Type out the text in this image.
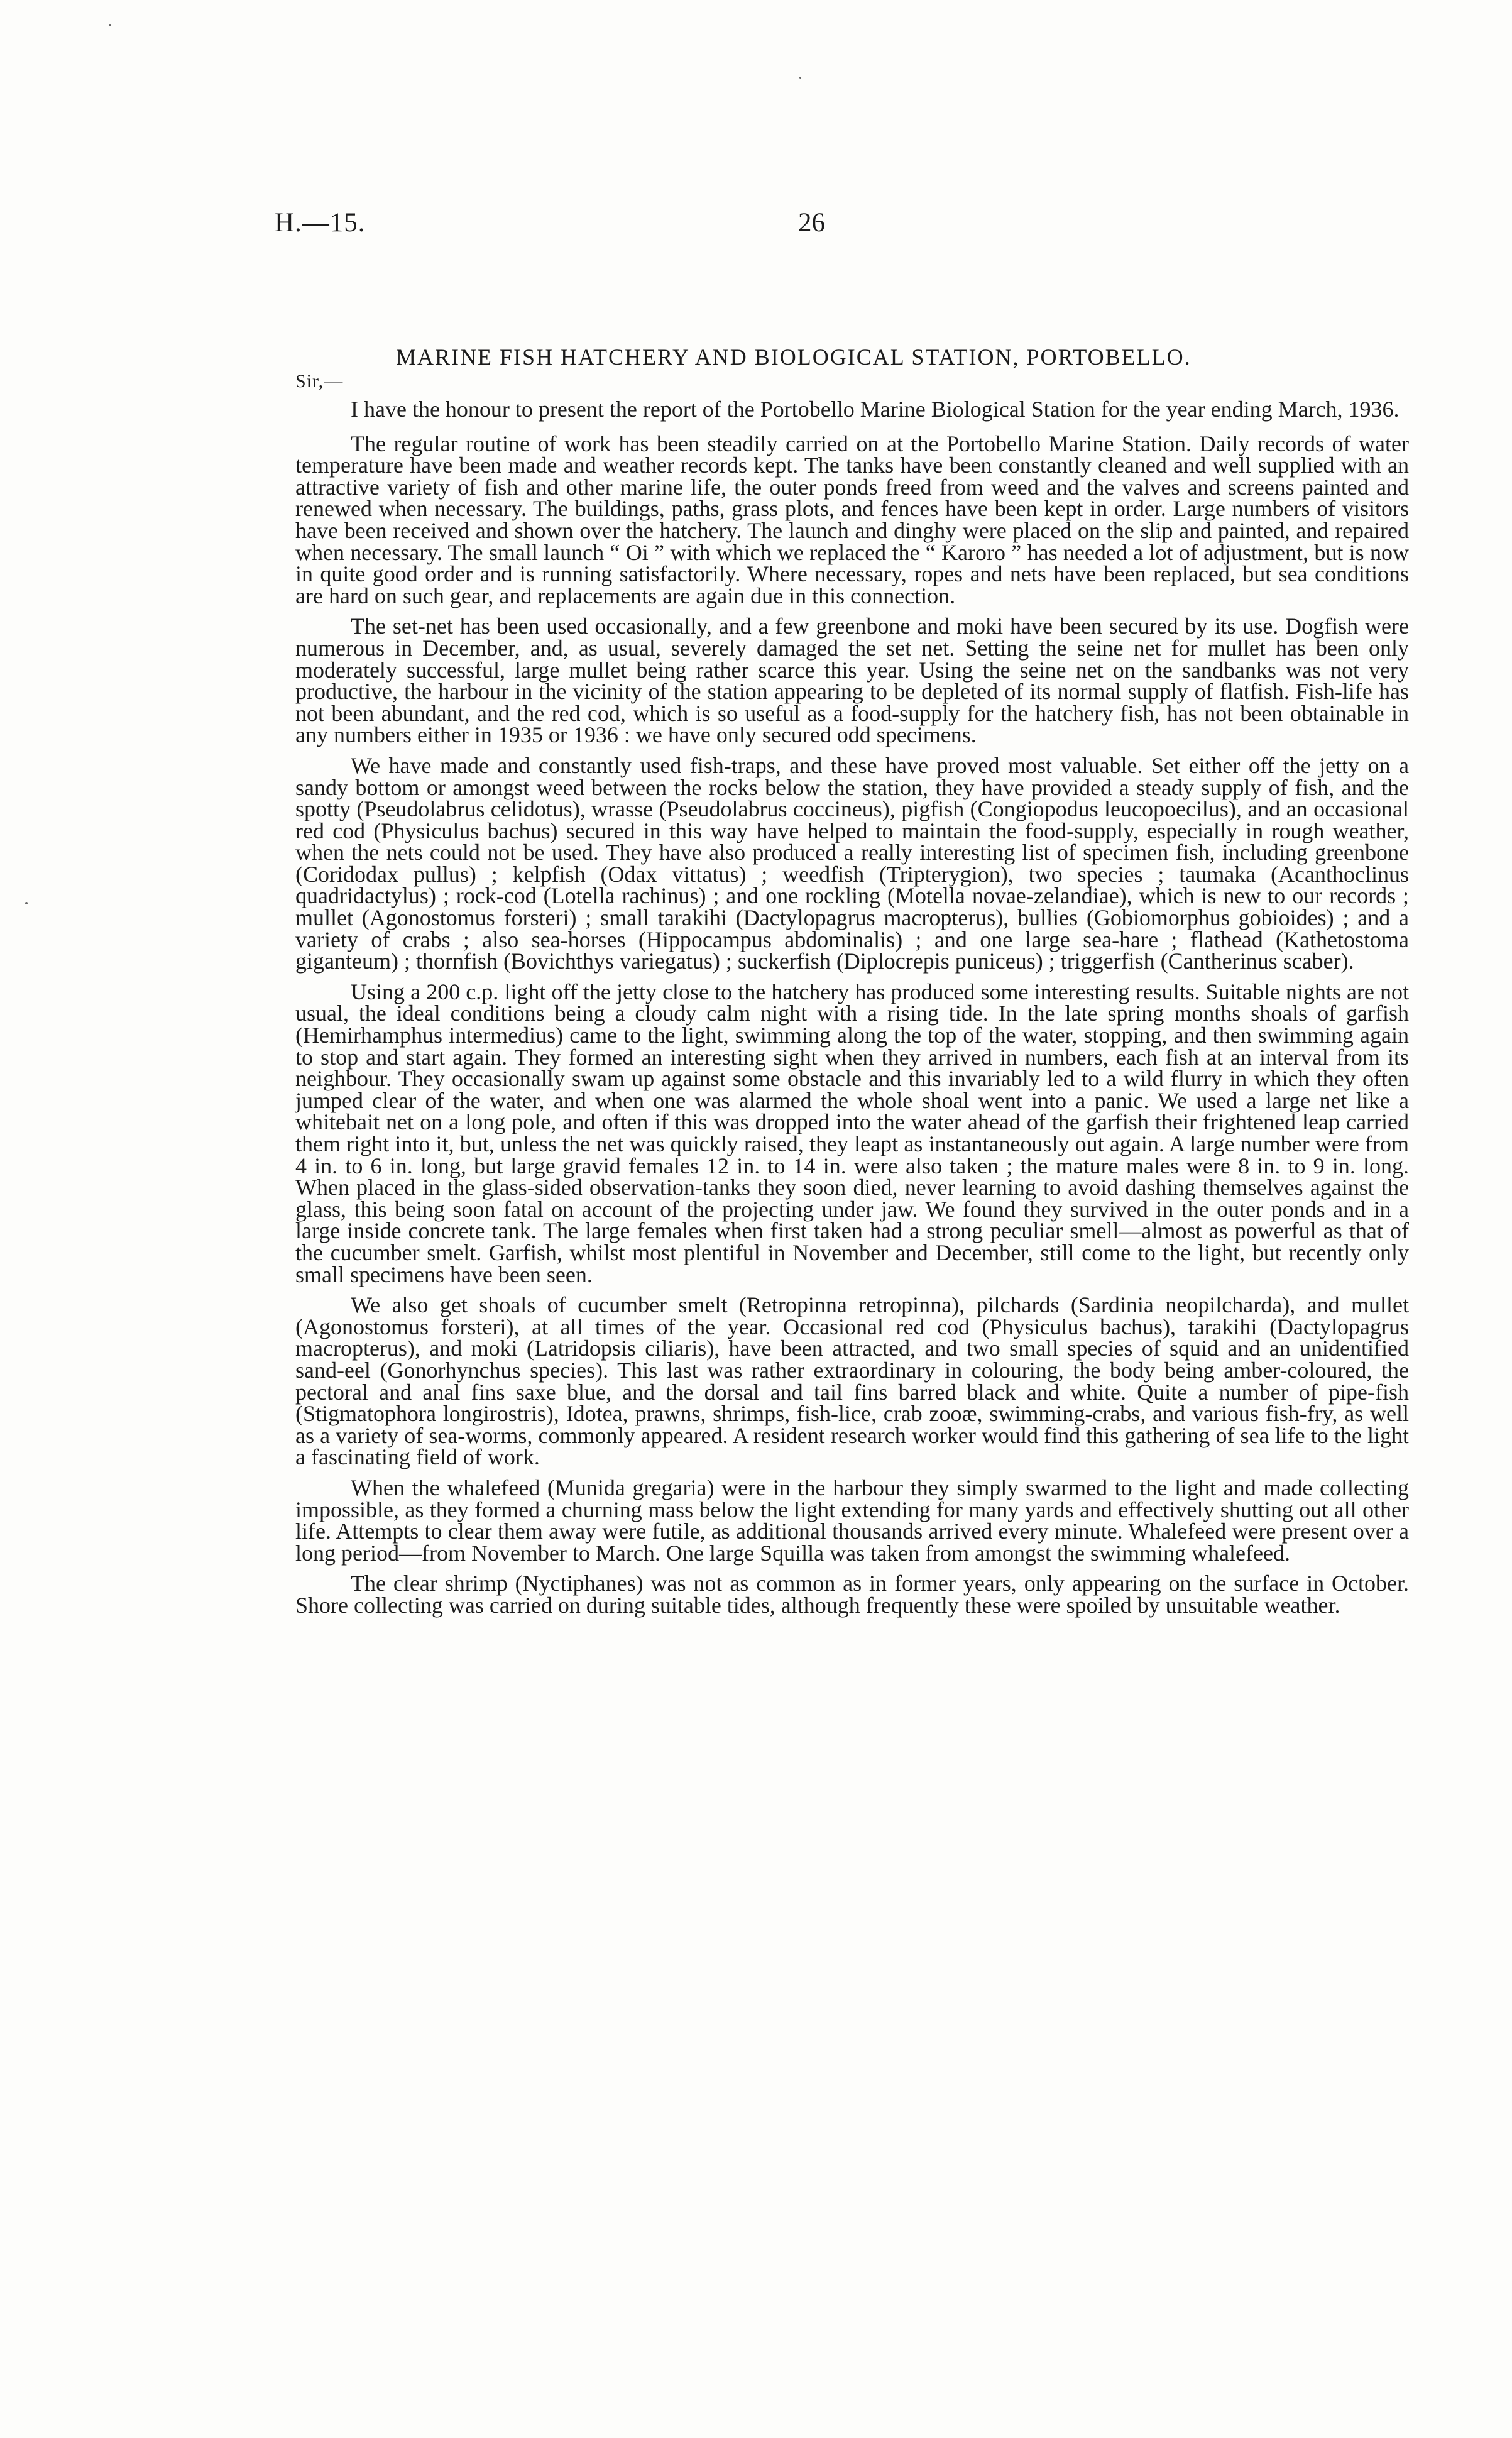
H.—15.	26
MARINE FISH HATCHERY AND BIOLOGICAL STATION, PORTOBELLO.
Sir,—

I have the honour to present the report of the Portobello Marine Biological Station for the year ending March, 1936.

The regular routine of work has been steadily carried on at the Portobello Marine Station. Daily records of water temperature have been made and weather records kept. The tanks have been constantly cleaned and well supplied with an attractive variety of fish and other marine life, the outer ponds freed from weed and the valves and screens painted and renewed when necessary. The buildings, paths, grass plots, and fences have been kept in order. Large numbers of visitors have been received and shown over the hatchery. The launch and dinghy were placed on the slip and painted, and repaired when necessary. The small launch “ Oi ” with which we replaced the “ Karoro ” has needed a lot of adjustment, but is now in quite good order and is running satisfactorily. Where necessary, ropes and nets have been replaced, but sea conditions are hard on such gear, and replacements are again due in this connection.

The set-net has been used occasionally, and a few greenbone and moki have been secured by its use. Dogfish were numerous in December, and, as usual, severely damaged the set net. Setting the seine net for mullet has been only moderately successful, large mullet being rather scarce this year. Using the seine net on the sandbanks was not very productive, the harbour in the vicinity of the station appearing to be depleted of its normal supply of flatfish. Fish-life has not been abundant, and the red cod, which is so useful as a food-supply for the hatchery fish, has not been obtainable in any numbers either in 1935 or 1936 : we have only secured odd specimens.

We have made and constantly used fish-traps, and these have proved most valuable. Set either off the jetty on a sandy bottom or amongst weed between the rocks below the station, they have provided a steady supply of fish, and the spotty (Pseudolabrus celidotus), wrasse (Pseudolabrus coccineus), pigfish (Congiopodus leucopoecilus), and an occasional red cod (Physiculus bachus) secured in this way have helped to maintain the food-supply, especially in rough weather, when the nets could not be used. They have also produced a really interesting list of specimen fish, including greenbone (Coridodax pullus) ; kelpfish (Odax vittatus) ; weedfish (Tripterygion), two species ; taumaka (Acanthoclinus quadridactylus) ; rock-cod (Lotella rachinus) ; and one rockling (Motella novae-zelandiae), which is new to our records ; mullet (Agonostomus forsteri) ; small tarakihi (Dactylopagrus macropterus), bullies (Gobiomorphus gobioides) ; and a variety of crabs ; also sea-horses (Hippocampus abdominalis) ; and one large sea-hare ; flathead (Kathetostoma giganteum) ; thornfish (Bovichthys variegatus) ; suckerfish (Diplocrepis puniceus) ; triggerfish (Cantherinus scaber).

Using a 200 c.p. light off the jetty close to the hatchery has produced some interesting results. Suitable nights are not usual, the ideal conditions being a cloudy calm night with a rising tide. In the late spring months shoals of garfish (Hemirhamphus intermedius) came to the light, swimming along the top of the water, stopping, and then swimming again to stop and start again. They formed an interesting sight when they arrived in numbers, each fish at an interval from its neighbour. They occasionally swam up against some obstacle and this invariably led to a wild flurry in which they often jumped clear of the water, and when one was alarmed the whole shoal went into a panic. We used a large net like a whitebait net on a long pole, and often if this was dropped into the water ahead of the garfish their frightened leap carried them right into it, but, unless the net was quickly raised, they leapt as instantaneously out again. A large number were from 4 in. to 6 in. long, but large gravid females 12 in. to 14 in. were also taken ; the mature males were 8 in. to 9 in. long. When placed in the glass-sided observation-tanks they soon died, never learning to avoid dashing themselves against the glass, this being soon fatal on account of the projecting under jaw. We found they survived in the outer ponds and in a large inside concrete tank. The large females when first taken had a strong peculiar smell—almost as powerful as that of the cucumber smelt. Garfish, whilst most plentiful in November and December, still come to the light, but recently only small specimens have been seen.

We also get shoals of cucumber smelt (Retropinna retropinna), pilchards (Sardinia neopilcharda), and mullet (Agonostomus forsteri), at all times of the year. Occasional red cod (Physiculus bachus), tarakihi (Dactylopagrus macropterus), and moki (Latridopsis ciliaris), have been attracted, and two small species of squid and an unidentified sand-eel (Gonorhynchus species). This last was rather extraordinary in colouring, the body being amber-coloured, the pectoral and anal fins saxe blue, and the dorsal and tail fins barred black and white. Quite a number of pipe-fish (Stigmatophora longirostris), Idotea, prawns, shrimps, fish-lice, crab zooæ, swimming-crabs, and various fish-fry, as well as a variety of sea-worms, commonly appeared. A resident research worker would find this gathering of sea life to the light a fascinating field of work.

When the whalefeed (Munida gregaria) were in the harbour they simply swarmed to the light and made collecting impossible, as they formed a churning mass below the light extending for many yards and effectively shutting out all other life. Attempts to clear them away were futile, as additional thousands arrived every minute. Whalefeed were present over a long period—from November to March. One large Squilla was taken from amongst the swimming whalefeed.

The clear shrimp (Nyctiphanes) was not as common as in former years, only appearing on the surface in October. Shore collecting was carried on during suitable tides, although frequently these were spoiled by unsuitable weather.
